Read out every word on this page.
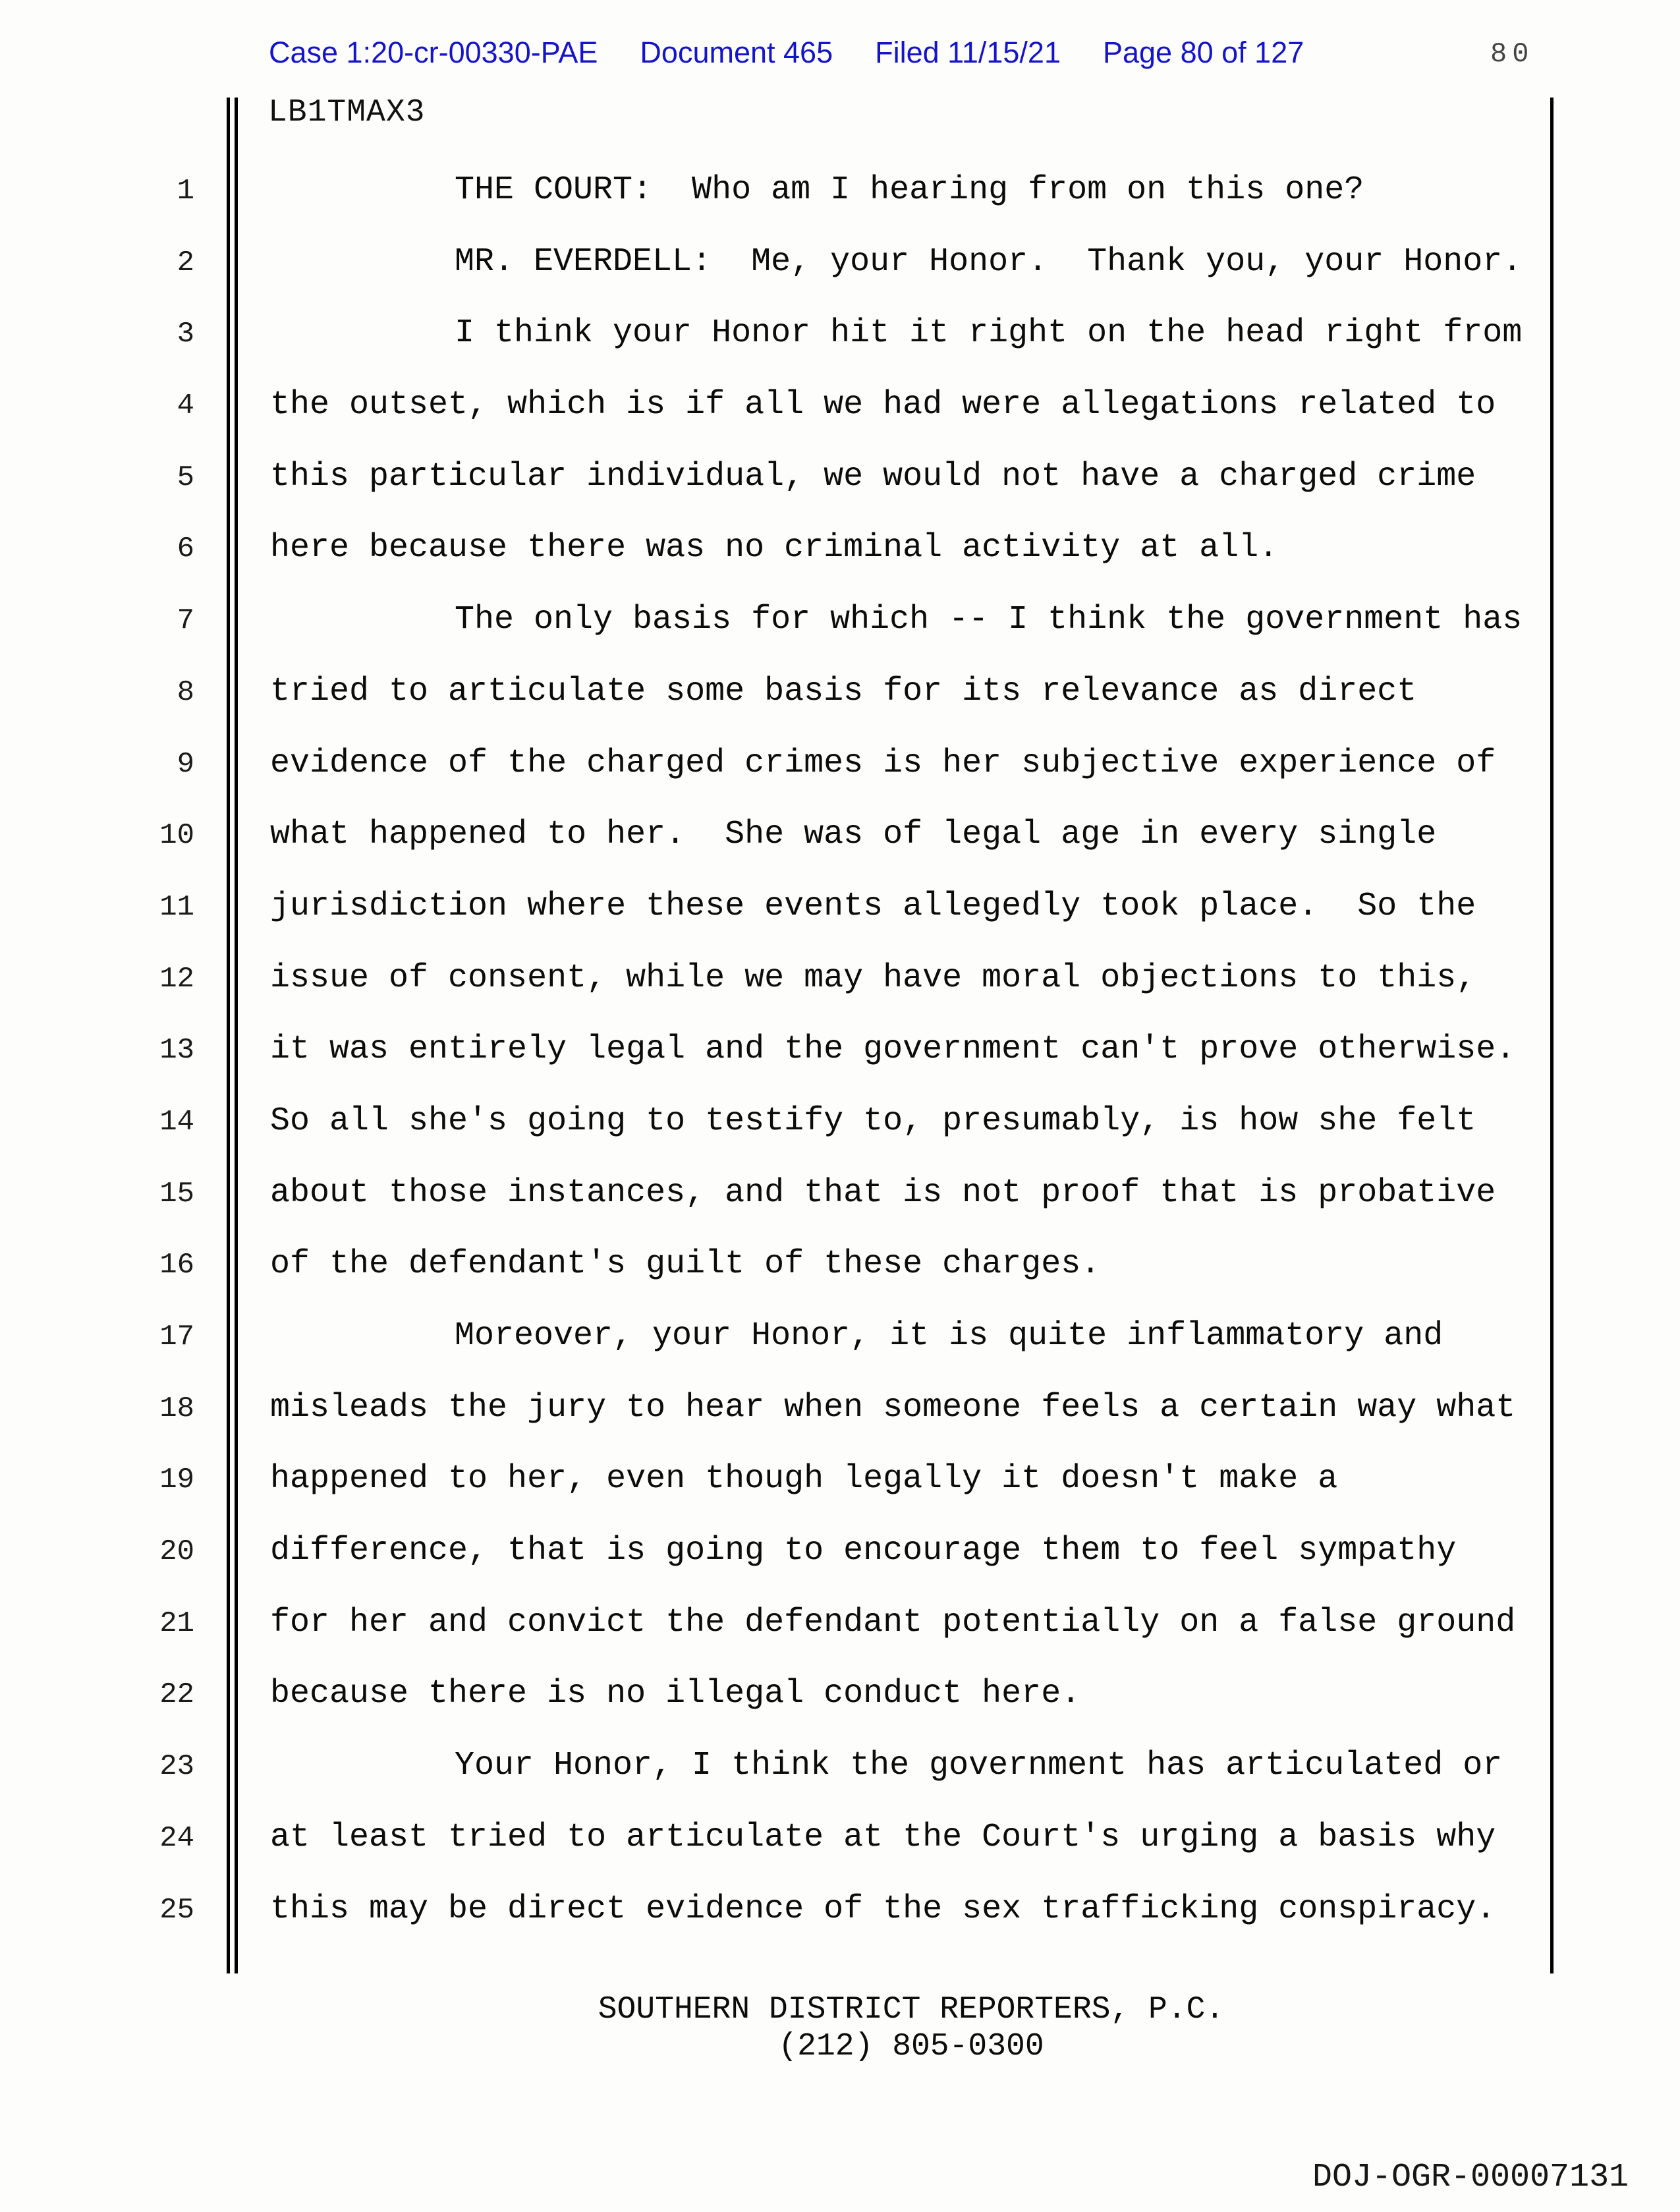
Case 1:20-cr-00330-PAE Document 465 Filed 11/15/21 Page 80 of 127	80
LB1TMAX3
1	THE COURT:  Who am I hearing from on this one?
2	MR. EVERDELL:  Me, your Honor.  Thank you, your Honor.
3	I think your Honor hit it right on the head right from
4	the outset, which is if all we had were allegations related to
5	this particular individual, we would not have a charged crime
6	here because there was no criminal activity at all.
7	The only basis for which -- I think the government has
8	tried to articulate some basis for its relevance as direct
9	evidence of the charged crimes is her subjective experience of
10	what happened to her.  She was of legal age in every single
11	jurisdiction where these events allegedly took place.  So the
12	issue of consent, while we may have moral objections to this,
13	it was entirely legal and the government can't prove otherwise.
14	So all she's going to testify to, presumably, is how she felt
15	about those instances, and that is not proof that is probative
16	of the defendant's guilt of these charges.
17	Moreover, your Honor, it is quite inflammatory and
18	misleads the jury to hear when someone feels a certain way what
19	happened to her, even though legally it doesn't make a
20	difference, that is going to encourage them to feel sympathy
21	for her and convict the defendant potentially on a false ground
22	because there is no illegal conduct here.
23	Your Honor, I think the government has articulated or
24	at least tried to articulate at the Court's urging a basis why
25	this may be direct evidence of the sex trafficking conspiracy.
SOUTHERN DISTRICT REPORTERS, P.C.
(212) 805-0300
DOJ-OGR-00007131
